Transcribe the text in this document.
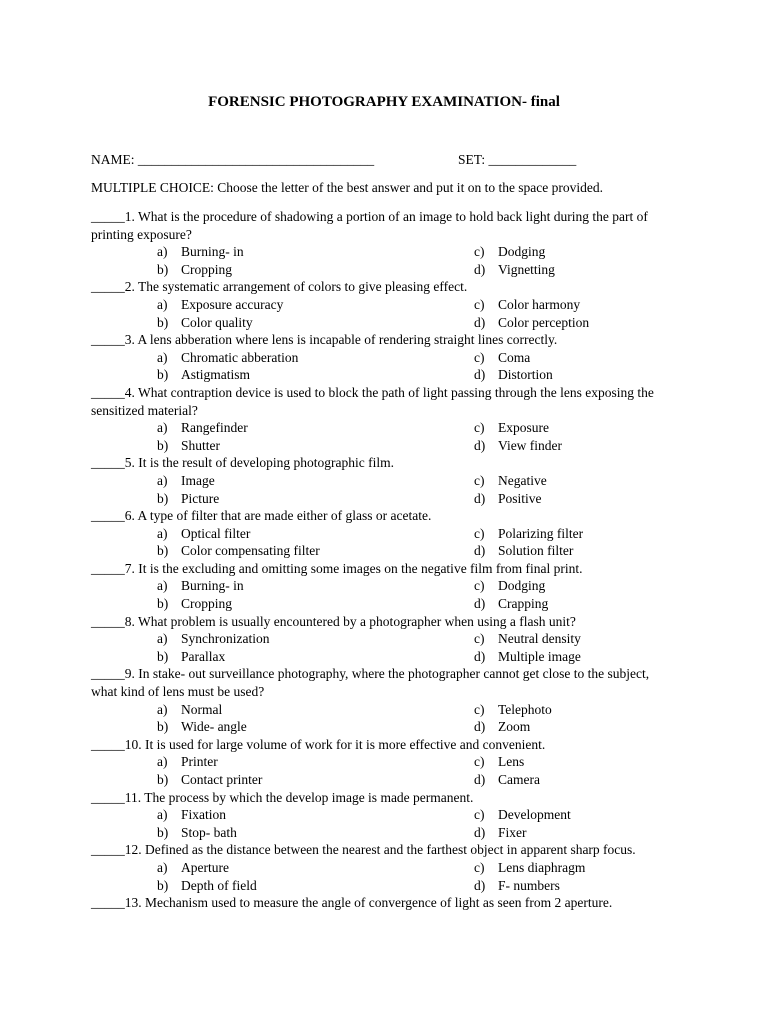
FORENSIC PHOTOGRAPHY EXAMINATION- final
NAME: ___________________________________	SET: _____________
MULTIPLE CHOICE: Choose the letter of the best answer and put it on to the space provided.

_____1. What is the procedure of shadowing a portion of an image to hold back light during the part of printing exposure?

a) Burning- in	c) Dodging
b) Cropping	d) Vignetting

_____2. The systematic arrangement of colors to give pleasing effect.

a) Exposure accuracy	c) Color harmony
b) Color quality	d) Color perception

_____3. A lens abberation where lens is incapable of rendering straight lines correctly.

a) Chromatic abberation	c) Coma
b) Astigmatism	d) Distortion

_____4. What contraption device is used to block the path of light passing through the lens exposing the sensitized material?

a) Rangefinder	c) Exposure
b) Shutter	d) View finder

_____5. It is the result of developing photographic film.

a) Image	c) Negative
b) Picture	d) Positive

_____6. A type of filter that are made either of glass or acetate.

a) Optical filter	c) Polarizing filter
b) Color compensating filter	d) Solution filter

_____7. It is the excluding and omitting some images on the negative film from final print.

a) Burning- in	c) Dodging
b) Cropping	d) Crapping

_____8. What problem is usually encountered by a photographer when using a flash unit?

a) Synchronization	c) Neutral density
b) Parallax	d) Multiple image

_____9. In stake- out surveillance photography, where the photographer cannot get close to the subject, what kind of lens must be used?

a) Normal	c) Telephoto
b) Wide- angle	d) Zoom

_____10. It is used for large volume of work for it is more effective and convenient.

a) Printer	c) Lens
b) Contact printer	d) Camera

_____11. The process by which the develop image is made permanent.

a) Fixation	c) Development
b) Stop- bath	d) Fixer

_____12. Defined as the distance between the nearest and the farthest object in apparent sharp focus.

a) Aperture	c) Lens diaphragm
b) Depth of field	d) F- numbers

_____13. Mechanism used to measure the angle of convergence of light as seen from 2 aperture.
